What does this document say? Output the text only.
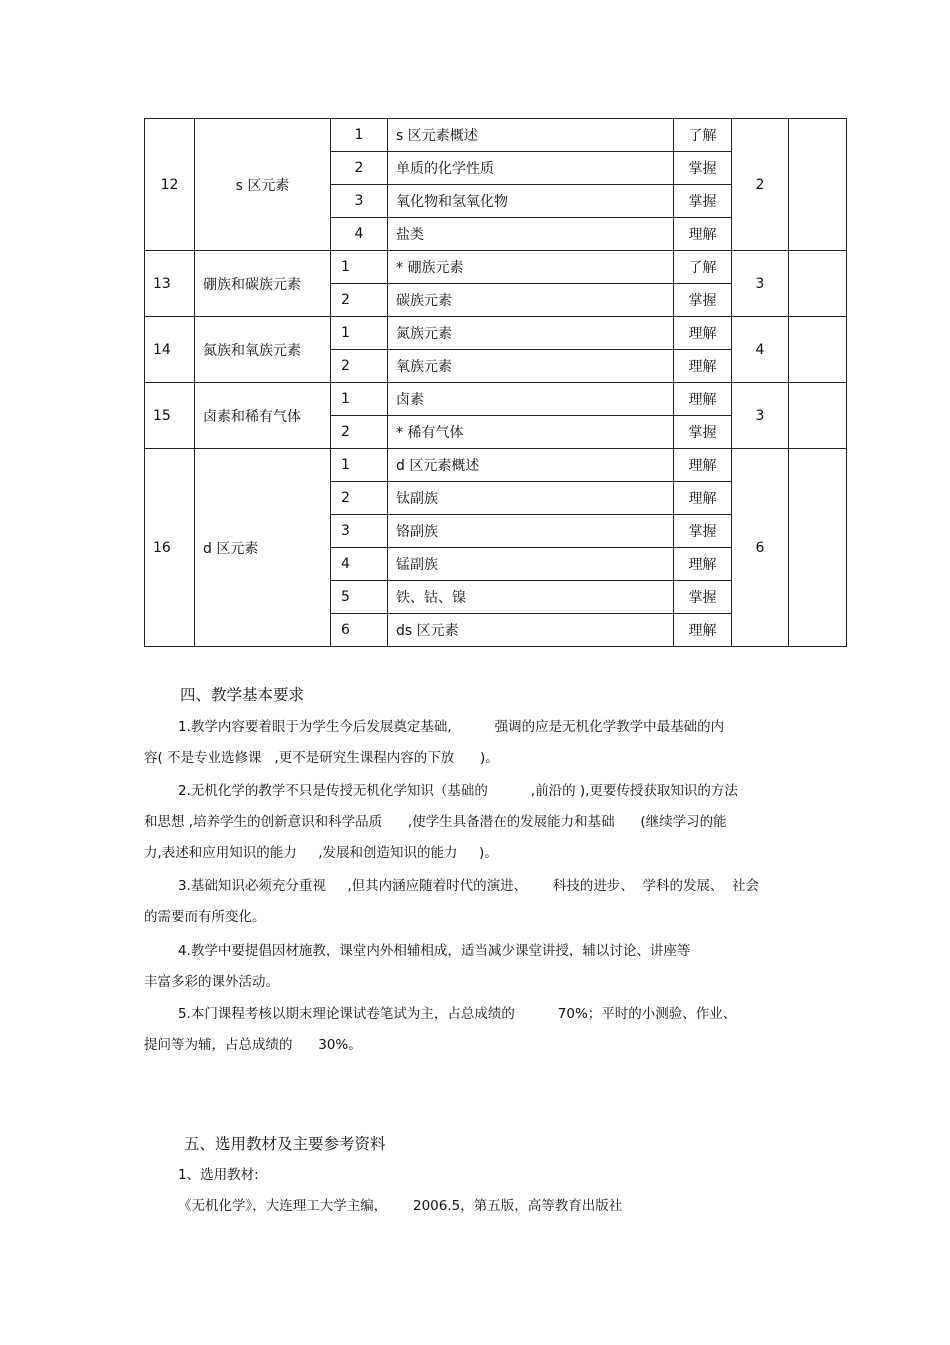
12	s 区元素	1	s 区元素概述	了解	2	
		2	单质的化学性质	掌握		
		3	氧化物和氢氧化物	掌握		
		4	盐类	理解		
13	硼族和碳族元素	1	* 硼族元素	了解	3	
		2	碳族元素	掌握		
14	氮族和氧族元素	1	氮族元素	理解	4	
		2	氧族元素	理解		
15	卤素和稀有气体	1	卤素	理解	3	
		2	* 稀有气体	掌握		
16	d 区元素	1	d 区元素概述	理解	6	
		2	钛副族	理解		
		3	铬副族	掌握		
		4	锰副族	理解		
		5	铁、钴、镍	掌握		
		6	ds 区元素	理解		
四、教学基本要求
1.教学内容要着眼于为学生今后发展奠定基础,          强调的应是无机化学教学中最基础的内
容( 不是专业选修课   ,更不是研究生课程内容的下放      )。
2.无机化学的教学不只是传授无机化学知识（基础的          ,前沿的 ),更要传授获取知识的方法
和思想 ,培养学生的创新意识和科学品质      ,使学生具备潜在的发展能力和基础      (继续学习的能
力,表述和应用知识的能力     ,发展和创造知识的能力     )。
3.基础知识必须充分重视     ,但其内涵应随着时代的演进、      科技的进步、  学科的发展、  社会
的需要而有所变化。
4.教学中要提倡因材施教，课堂内外相辅相成，适当减少课堂讲授，辅以讨论、讲座等
丰富多彩的课外活动。
5.本门课程考核以期末理论课试卷笔试为主，占总成绩的          70%；平时的小测验、作业、
提问等为辅，占总成绩的      30%。
五、选用教材及主要参考资料
1、选用教材:
《无机化学》，大连理工大学主编，      2006.5，第五版，高等教育出版社
